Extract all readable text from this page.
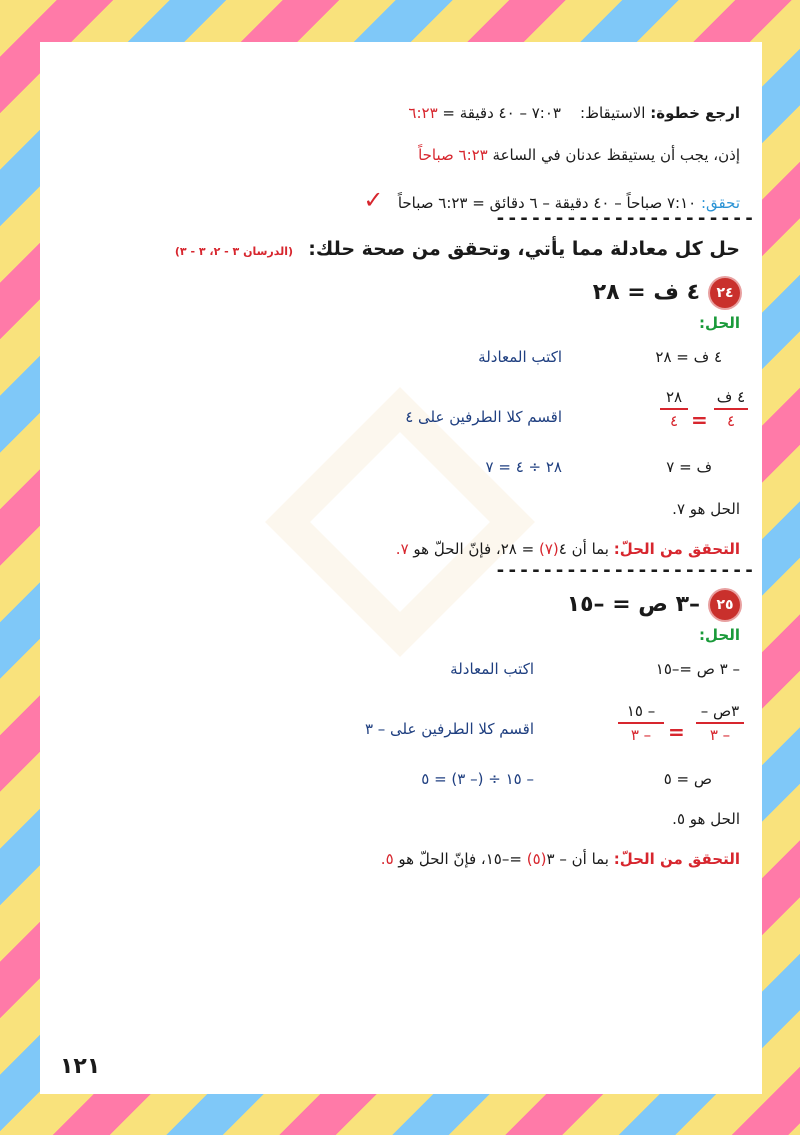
ارجع خطوة: الاستيقاظ:    ٧:٠٣ – ٤٠ دقيقة = ٦:٢٣
إذن، يجب أن يستيقظ عدنان في الساعة ٦:٢٣ صباحاً
تحقق: ٧:١٠ صباحاً – ٤٠ دقيقة – ٦ دقائق = ٦:٢٣ صباحاً   ✓
----------------------
حل كل معادلة مما يأتي، وتحقق من صحة حلك:   (الدرسان ٣ - ٢، ٣ - ٣)
٢٤
٤ ف = ٢٨
الحل:
٤ ف = ٢٨
اكتب المعادلة
٤ ف
٤
=
٢٨
٤
اقسم كلا الطرفين على ٤
ف = ٧
٢٨ ÷ ٤ = ٧
الحل هو ٧.
التحقق من الحلّ: بما أن ٤(٧) = ٢٨، فإنّ الحلّ هو ٧.
----------------------
٢٥
–٣ ص = –١٥
الحل:
– ٣ ص =–١٥
اكتب المعادلة
– ٣ص
٣ –
=
١٥ –
٣ –
اقسم كلا الطرفين على – ٣
ص = ٥
– ١٥ ÷ (– ٣) = ٥
الحل هو ٥.
التحقق من الحلّ: بما أن – ٣(٥) =–١٥، فإنّ الحلّ هو ٥.
١٢١
